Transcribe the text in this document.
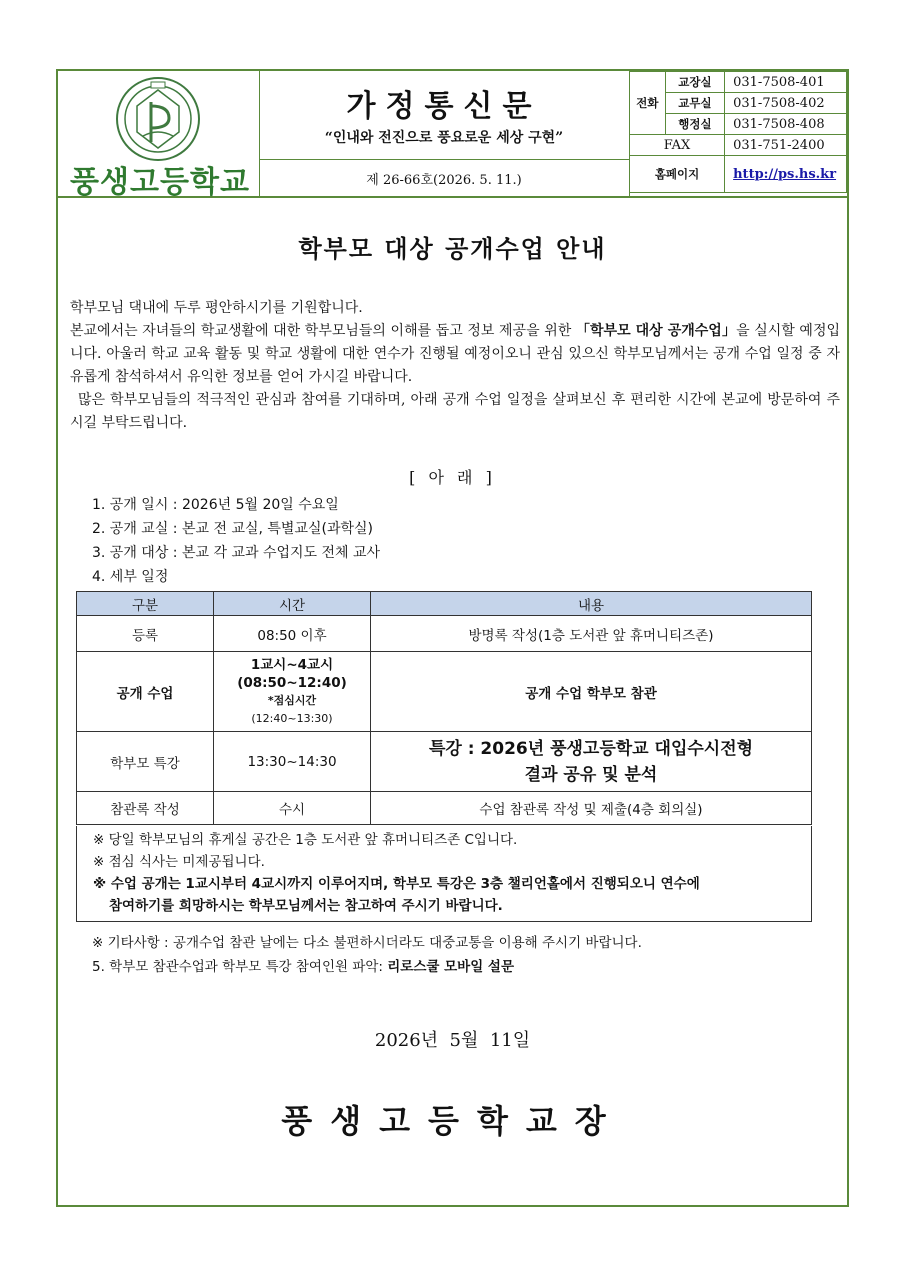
풍생고등학교
가정통신문
“인내와 전진으로 풍요로운 세상 구현”
제 26-66호(2026. 5. 11.)
전화	교장실	031-7508-401
	교무실	031-7508-402
	행정실	031-7508-408
FAX		031-751-2400
홈페이지		http://ps.hs.kr
학부모 대상 공개수업 안내
학부모님 댁내에 두루 평안하시기를 기원합니다.
본교에서는 자녀들의 학교생활에 대한 학부모님들의 이해를 돕고 정보 제공을 위한 「학부모 대상 공개수업」을 실시할 예정입니다. 아울러 학교 교육 활동 및 학교 생활에 대한 연수가 진행될 예정이오니 관심 있으신 학부모님께서는 공개 수업 일정 중 자유롭게 참석하셔서 유익한 정보를 얻어 가시길 바랍니다.
많은 학부모님들의 적극적인 관심과 참여를 기대하며, 아래 공개 수업 일정을 살펴보신 후 편리한 시간에 본교에 방문하여 주시길 부탁드립니다.
[ 아 래 ]
1. 공개 일시 : 2026년 5월 20일 수요일
2. 공개 교실 : 본교 전 교실, 특별교실(과학실)
3. 공개 대상 : 본교 각 교과 수업지도 전체 교사
4. 세부 일정
구분	시간	내용
등록	08:50 이후	방명록 작성(1층 도서관 앞 휴머니티즈존)
공개 수업	1교시~4교시
(08:50~12:40)
*점심시간
(12:40~13:30)	공개 수업 학부모 참관
학부모 특강	13:30~14:30	특강 : 2026년 풍생고등학교 대입수시전형
결과 공유 및 분석

참관록 작성	수시	수업 참관록 작성 및 제출(4층 회의실)
※ 당일 학부모님의 휴게실 공간은 1층 도서관 앞 휴머니티즈존 C입니다.
※ 점심 식사는 미제공됩니다.
※ 수업 공개는 1교시부터 4교시까지 이루어지며, 학부모 특강은 3층 챌리언홀에서 진행되오니 연수에
참여하기를 희망하시는 학부모님께서는 참고하여 주시기 바랍니다.
※ 기타사항 : 공개수업 참관 날에는 다소 불편하시더라도 대중교통을 이용해 주시기 바랍니다.
5. 학부모 참관수업과 학부모 특강 참여인원 파악: 리로스쿨 모바일 설문
2026년  5월  11일
풍생고등학교장
